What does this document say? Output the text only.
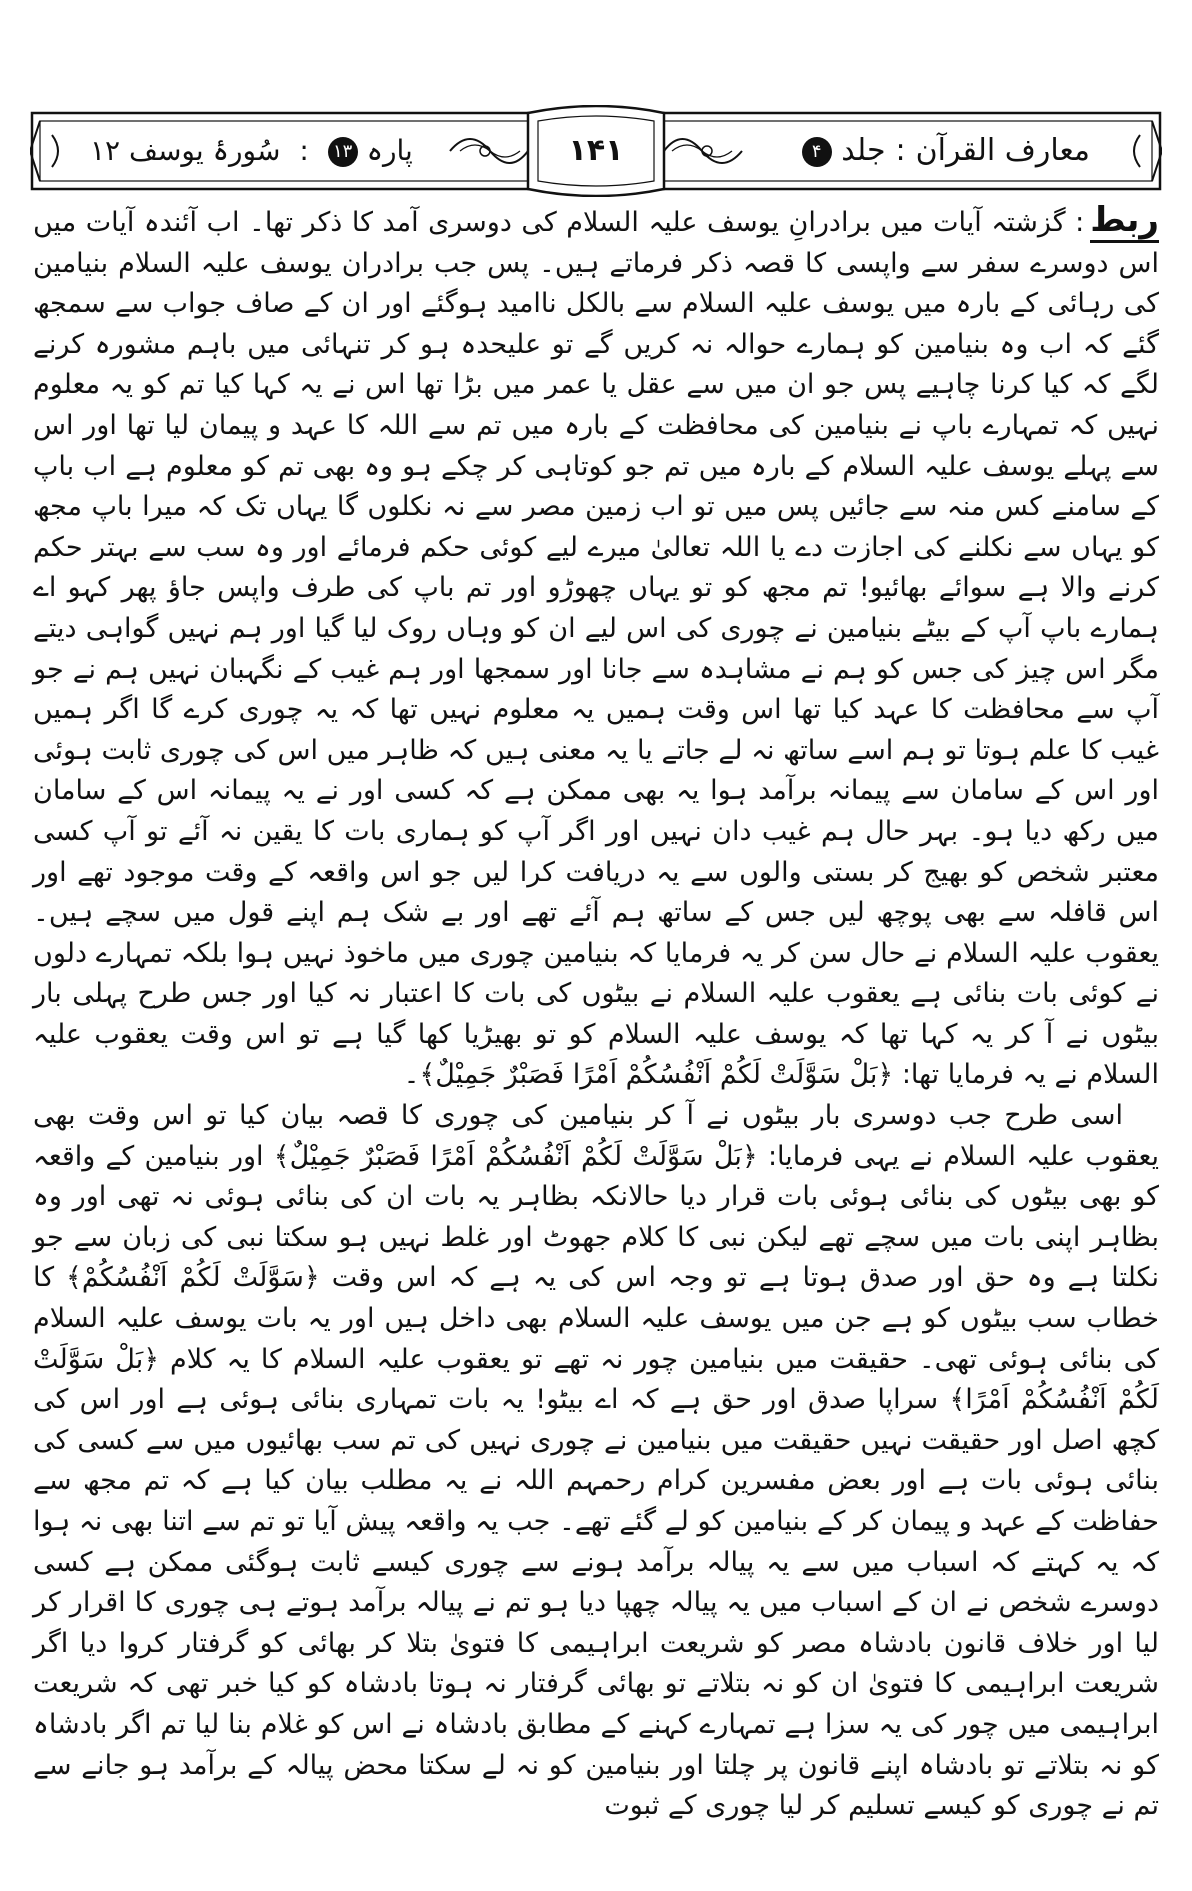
معارف القرآن:جلد ۴
۱۴۱
پارہ ۱۳ : سُورۂ یوسف ۱۲

ربط: گزشتہ آیات میں برادرانِ یوسف علیہ السلام کی دوسری آمد کا ذکر تھا۔ اب آئندہ آیات میں اس دوسرے سفر سے واپسی کا قصہ ذکر فرماتے ہیں۔ پس جب برادران یوسف علیہ السلام بنیامین کی رہائی کے بارہ میں یوسف علیہ السلام سے بالکل ناامید ہوگئے اور ان کے صاف جواب سے سمجھ گئے کہ اب وہ بنیامین کو ہمارے حوالہ نہ کریں گے تو علیحدہ ہو کر تنہائی میں باہم مشورہ کرنے لگے کہ کیا کرنا چاہیے پس جو ان میں سے عقل یا عمر میں بڑا تھا اس نے یہ کہا کیا تم کو یہ معلوم نہیں کہ تمہارے باپ نے بنیامین کی محافظت کے بارہ میں تم سے اللہ کا عہد و پیمان لیا تھا اور اس سے پہلے یوسف علیہ السلام کے بارہ میں تم جو کوتاہی کر چکے ہو وہ بھی تم کو معلوم ہے اب باپ کے سامنے کس منہ سے جائیں پس میں تو اب زمین مصر سے نہ نکلوں گا یہاں تک کہ میرا باپ مجھ کو یہاں سے نکلنے کی اجازت دے یا اللہ تعالیٰ میرے لیے کوئی حکم فرمائے اور وہ سب سے بہتر حکم کرنے والا ہے سوائے بھائیو! تم مجھ کو تو یہاں چھوڑو اور تم باپ کی طرف واپس جاؤ پھر کہو اے ہمارے باپ آپ کے بیٹے بنیامین نے چوری کی اس لیے ان کو وہاں روک لیا گیا اور ہم نہیں گواہی دیتے مگر اس چیز کی جس کو ہم نے مشاہدہ سے جانا اور سمجھا اور ہم غیب کے نگہبان نہیں ہم نے جو آپ سے محافظت کا عہد کیا تھا اس وقت ہمیں یہ معلوم نہیں تھا کہ یہ چوری کرے گا اگر ہمیں غیب کا علم ہوتا تو ہم اسے ساتھ نہ لے جاتے یا یہ معنی ہیں کہ ظاہر میں اس کی چوری ثابت ہوئی اور اس کے سامان سے پیمانہ برآمد ہوا یہ بھی ممکن ہے کہ کسی اور نے یہ پیمانہ اس کے سامان میں رکھ دیا ہو۔ بہر حال ہم غیب دان نہیں اور اگر آپ کو ہماری بات کا یقین نہ آئے تو آپ کسی معتبر شخص کو بھیج کر بستی والوں سے یہ دریافت کرا لیں جو اس واقعہ کے وقت موجود تھے اور اس قافلہ سے بھی پوچھ لیں جس کے ساتھ ہم آئے تھے اور بے شک ہم اپنے قول میں سچے ہیں۔ یعقوب علیہ السلام نے حال سن کر یہ فرمایا کہ بنیامین چوری میں ماخوذ نہیں ہوا بلکہ تمہارے دلوں نے کوئی بات بنائی ہے یعقوب علیہ السلام نے بیٹوں کی بات کا اعتبار نہ کیا اور جس طرح پہلی بار بیٹوں نے آ کر یہ کہا تھا کہ یوسف علیہ السلام کو تو بھیڑیا کھا گیا ہے تو اس وقت یعقوب علیہ السلام نے یہ فرمایا تھا: ﴿بَلْ سَوَّلَتْ لَكُمْ اَنْفُسُكُمْ اَمْرًا فَصَبْرٌ جَمِيْلٌ﴾۔

اسی طرح جب دوسری بار بیٹوں نے آ کر بنیامین کی چوری کا قصہ بیان کیا تو اس وقت بھی یعقوب علیہ السلام نے یہی فرمایا: ﴿بَلْ سَوَّلَتْ لَكُمْ اَنْفُسُكُمْ اَمْرًا فَصَبْرٌ جَمِيْلٌ﴾ اور بنیامین کے واقعہ کو بھی بیٹوں کی بنائی ہوئی بات قرار دیا حالانکہ بظاہر یہ بات ان کی بنائی ہوئی نہ تھی اور وہ بظاہر اپنی بات میں سچے تھے لیکن نبی کا کلام جھوٹ اور غلط نہیں ہو سکتا نبی کی زبان سے جو نکلتا ہے وہ حق اور صدق ہوتا ہے تو وجہ اس کی یہ ہے کہ اس وقت ﴿سَوَّلَتْ لَكُمْ اَنْفُسُكُمْ﴾ کا خطاب سب بیٹوں کو ہے جن میں یوسف علیہ السلام بھی داخل ہیں اور یہ بات یوسف علیہ السلام کی بنائی ہوئی تھی۔ حقیقت میں بنیامین چور نہ تھے تو یعقوب علیہ السلام کا یہ کلام ﴿بَلْ سَوَّلَتْ لَكُمْ اَنْفُسُكُمْ اَمْرًا﴾ سراپا صدق اور حق ہے کہ اے بیٹو! یہ بات تمہاری بنائی ہوئی ہے اور اس کی کچھ اصل اور حقیقت نہیں حقیقت میں بنیامین نے چوری نہیں کی تم سب بھائیوں میں سے کسی کی بنائی ہوئی بات ہے اور بعض مفسرین کرام رحمہم اللہ نے یہ مطلب بیان کیا ہے کہ تم مجھ سے حفاظت کے عہد و پیمان کر کے بنیامین کو لے گئے تھے۔ جب یہ واقعہ پیش آیا تو تم سے اتنا بھی نہ ہوا کہ یہ کہتے کہ اسباب میں سے یہ پیالہ برآمد ہونے سے چوری کیسے ثابت ہوگئی ممکن ہے کسی دوسرے شخص نے ان کے اسباب میں یہ پیالہ چھپا دیا ہو تم نے پیالہ برآمد ہوتے ہی چوری کا اقرار کر لیا اور خلاف قانون بادشاہ مصر کو شریعت ابراہیمی کا فتویٰ بتلا کر بھائی کو گرفتار کروا دیا اگر شریعت ابراہیمی کا فتویٰ ان کو نہ بتلاتے تو بھائی گرفتار نہ ہوتا بادشاہ کو کیا خبر تھی کہ شریعت ابراہیمی میں چور کی یہ سزا ہے تمہارے کہنے کے مطابق بادشاہ نے اس کو غلام بنا لیا تم اگر بادشاہ کو نہ بتلاتے تو بادشاہ اپنے قانون پر چلتا اور بنیامین کو نہ لے سکتا محض پیالہ کے برآمد ہو جانے سے تم نے چوری کو کیسے تسلیم کر لیا چوری کے ثبوت
